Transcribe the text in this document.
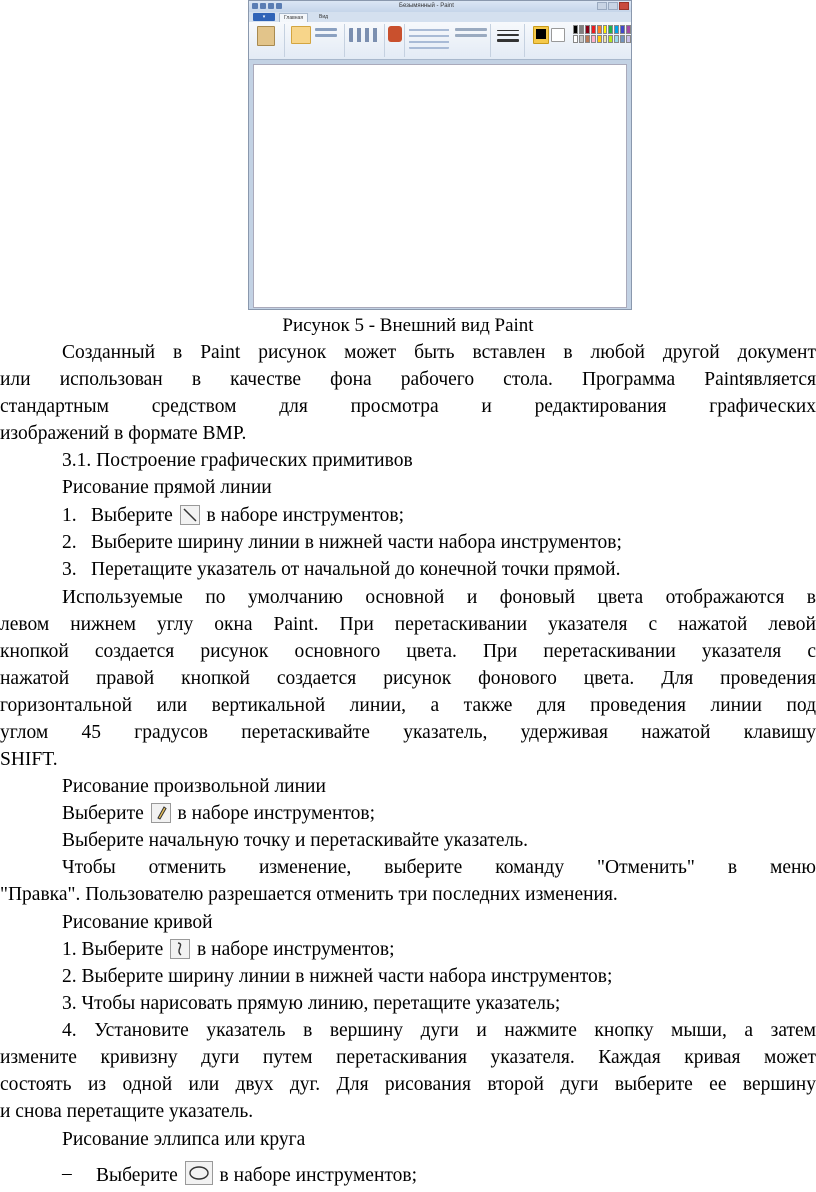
Безымянный - Paint
▾	Главная	Вид
Рисунок 5 - Внешний вид Paint
Созданный в Paint рисунок может быть вставлен в любой другой документ
или использован в качестве фона рабочего стола. Программа Paintявляется
стандартным средством для просмотра и редактирования графических
изображений в формате BMP.
3.1. Построение графических примитивов
Рисование прямой линии
1. Выберите в наборе инструментов;
2. Выберите ширину линии в нижней части набора инструментов;
3. Перетащите указатель от начальной до конечной точки прямой.
Используемые по умолчанию основной и фоновый цвета отображаются в
левом нижнем углу окна Paint. При перетаскивании указателя с нажатой левой
кнопкой создается рисунок основного цвета. При перетаскивании указателя с
нажатой правой кнопкой создается рисунок фонового цвета. Для проведения
горизонтальной или вертикальной линии, а также для проведения линии под
углом 45 градусов перетаскивайте указатель, удерживая нажатой клавишу
SHIFT.
Рисование произвольной линии
Выберите в наборе инструментов;
Выберите начальную точку и перетаскивайте указатель.
Чтобы отменить изменение, выберите команду "Отменить" в меню
"Правка". Пользователю разрешается отменить три последних изменения.
Рисование кривой
1. Выберите в наборе инструментов;
2. Выберите ширину линии в нижней части набора инструментов;
3. Чтобы нарисовать прямую линию, перетащите указатель;
4. Установите указатель в вершину дуги и нажмите кнопку мыши, а затем
измените кривизну дуги путем перетаскивания указателя. Каждая кривая может
состоять из одной или двух дуг. Для рисования второй дуги выберите ее вершину
и снова перетащите указатель.
Рисование эллипса или круга
– Выберите в наборе инструментов;
